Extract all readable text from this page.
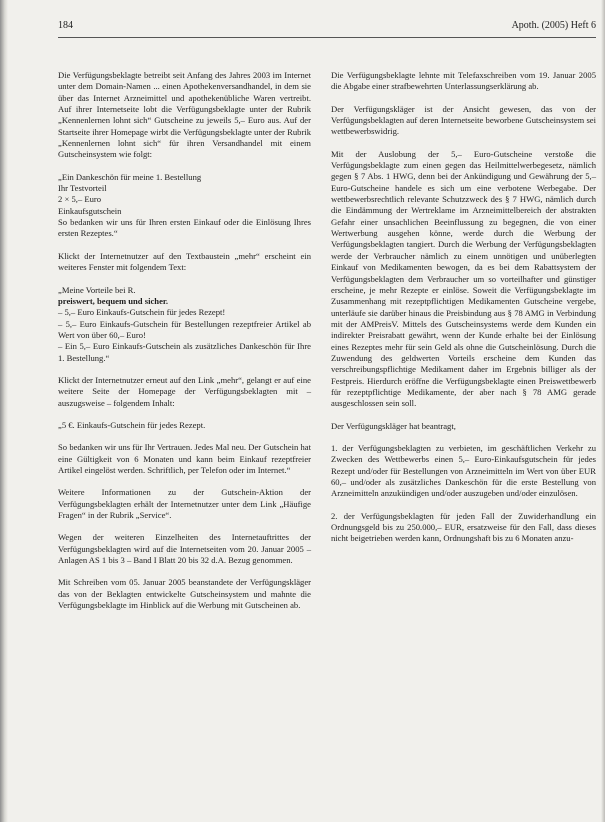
184	Apoth. (2005) Heft 6

Die Verfügungsbeklagte betreibt seit Anfang des Jahres 2003 im Internet unter dem Domain-Namen ... einen Apothekenversandhandel, in dem sie über das Internet Arzneimittel und apothekenübliche Waren vertreibt. Auf ihrer Internetseite lobt die Verfügungsbeklagte unter der Rubrik „Kennenlernen lohnt sich“ Gutscheine zu jeweils 5,– Euro aus. Auf der Startseite ihrer Homepage wirbt die Verfügungsbeklagte unter der Rubrik „Kennenlernen lohnt sich“ für ihren Versandhandel mit einem Gutscheinsystem wie folgt:

„Ein Dankeschön für meine 1. Bestellung
Ihr Testvorteil
2 × 5,– Euro
Einkaufsgutschein
So bedanken wir uns für Ihren ersten Einkauf oder die Einlösung Ihres ersten Rezeptes.“

Klickt der Internetnutzer auf den Textbaustein „mehr“ erscheint ein weiteres Fenster mit folgendem Text:

„Meine Vorteile bei R.
preiswert, bequem und sicher.
– 5,– Euro Einkaufs-Gutschein für jedes Rezept!
– 5,– Euro Einkaufs-Gutschein für Bestellungen rezeptfreier Artikel ab Wert von über 60,– Euro!
– Ein 5,– Euro Einkaufs-Gutschein als zusätzliches Dankeschön für Ihre 1. Bestellung.“

Klickt der Internetnutzer erneut auf den Link „mehr“, gelangt er auf eine weitere Seite der Homepage der Verfügungsbeklagten mit – auszugsweise – folgendem Inhalt:

„5 €. Einkaufs-Gutschein für jedes Rezept.

So bedanken wir uns für Ihr Vertrauen. Jedes Mal neu. Der Gutschein hat eine Gültigkeit von 6 Monaten und kann beim Einkauf rezeptfreier Artikel eingelöst werden. Schriftlich, per Telefon oder im Internet.“

Weitere Informationen zu der Gutschein-Aktion der Verfügungsbeklagten erhält der Internetnutzer unter dem Link „Häufige Fragen“ in der Rubrik „Service“.

Wegen der weiteren Einzelheiten des Internetauftrittes der Verfügungsbeklagten wird auf die Internetseiten vom 20. Januar 2005 – Anlagen AS 1 bis 3 – Band I Blatt 20 bis 32 d.A. Bezug genommen.

Mit Schreiben vom 05. Januar 2005 beanstandete der Verfügungskläger das von der Beklagten entwickelte Gutscheinsystem und mahnte die Verfügungsbeklagte im Hinblick auf die Werbung mit Gutscheinen ab.

Die Verfügungsbeklagte lehnte mit Telefaxschreiben vom 19. Januar 2005 die Abgabe einer strafbewehrten Unterlassungserklärung ab.

Der Verfügungskläger ist der Ansicht gewesen, das von der Verfügungsbeklagten auf deren Internetseite beworbene Gutscheinsystem sei wettbewerbswidrig.

Mit der Auslobung der 5,– Euro-Gutscheine verstoße die Verfügungsbeklagte zum einen gegen das Heilmittelwerbegesetz, nämlich gegen § 7 Abs. 1 HWG, denn bei der Ankündigung und Gewährung der 5,– Euro-Gutscheine handele es sich um eine verbotene Werbegabe. Der wettbewerbsrechtlich relevante Schutzzweck des § 7 HWG, nämlich durch die Eindämmung der Wertreklame im Arzneimittelbereich der abstrakten Gefahr einer unsachlichen Beeinflussung zu begegnen, die von einer Wertwerbung ausgehen könne, werde durch die Werbung der Verfügungsbeklagten tangiert. Durch die Werbung der Verfügungsbeklagten werde der Verbraucher nämlich zu einem unnötigen und unüberlegten Einkauf von Medikamenten bewogen, da es bei dem Rabattsystem der Verfügungsbeklagten dem Verbraucher um so vorteilhafter und günstiger erscheine, je mehr Rezepte er einlöse. Soweit die Verfügungsbeklagte im Zusammenhang mit rezeptpflichtigen Medikamenten Gutscheine vergebe, unterläufe sie darüber hinaus die Preisbindung aus § 78 AMG in Verbindung mit der AMPreisV. Mittels des Gutscheinsystems werde dem Kunden ein indirekter Preisrabatt gewährt, wenn der Kunde erhalte bei der Einlösung eines Rezeptes mehr für sein Geld als ohne die Gutscheinlösung. Durch die Zuwendung des geldwerten Vorteils erscheine dem Kunden das verschreibungspflichtige Medikament daher im Ergebnis billiger als der Festpreis. Hierdurch eröffne die Verfügungsbeklagte einen Preiswettbewerb für rezeptpflichtige Medikamente, der aber nach § 78 AMG gerade ausgeschlossen sein soll.

Der Verfügungskläger hat beantragt,

1. der Verfügungsbeklagten zu verbieten, im geschäftlichen Verkehr zu Zwecken des Wettbewerbs einen 5,– Euro-Einkaufsgutschein für jedes Rezept und/oder für Bestellungen von Arzneimitteln im Wert von über EUR 60,– und/oder als zusätzliches Dankeschön für die erste Bestellung von Arzneimitteln anzukündigen und/oder auszugeben und/oder einzulösen.

2. der Verfügungsbeklagten für jeden Fall der Zuwiderhandlung ein Ordnungsgeld bis zu 250.000,– EUR, ersatzweise für den Fall, dass dieses nicht beigetrieben werden kann, Ordnungshaft bis zu 6 Monaten anzu-
